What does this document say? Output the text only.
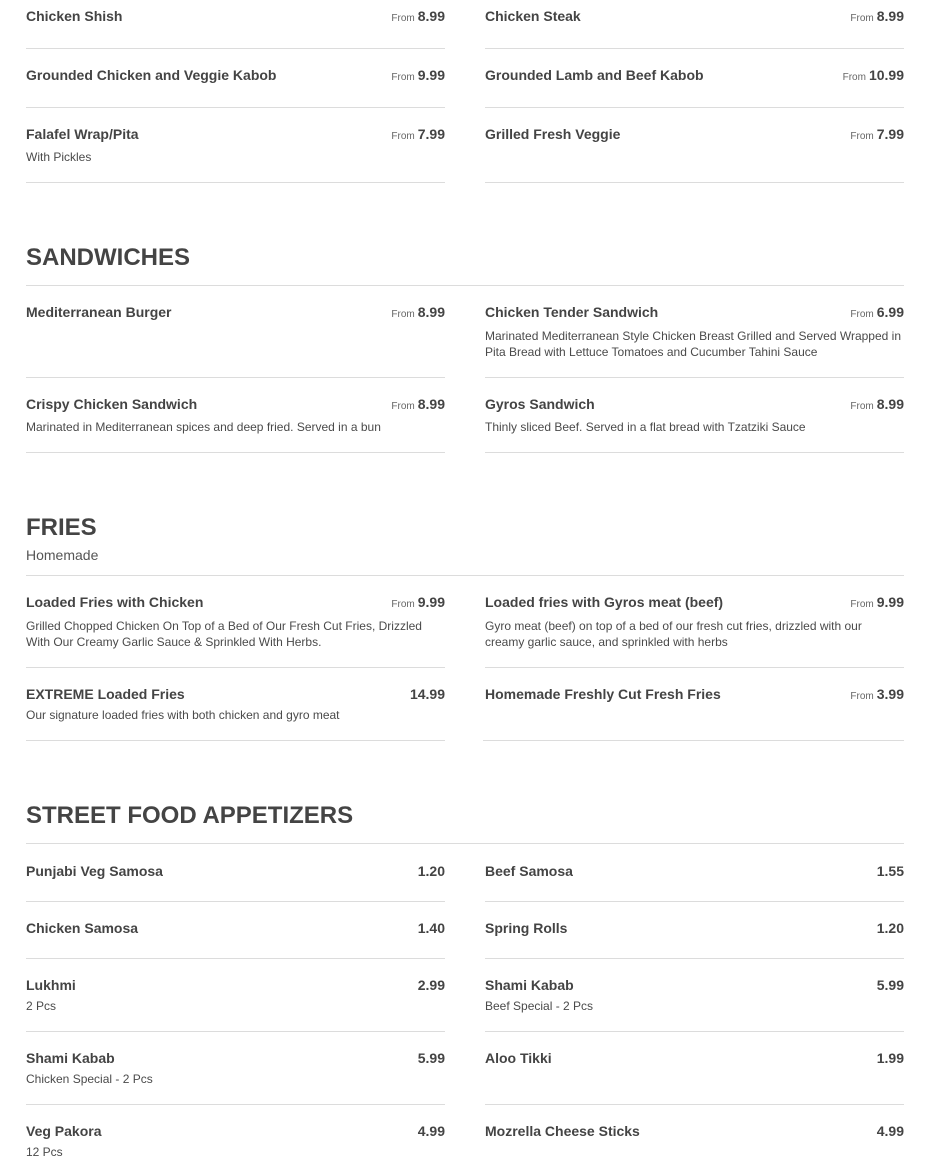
Chicken Shish	From 8.99	Chicken Steak	From 8.99
Grounded Chicken and Veggie Kabob	From 9.99	Grounded Lamb and Beef Kabob	From 10.99
Falafel Wrap/Pita	From 7.99
With Pickles
Grilled Fresh Veggie	From 7.99
SANDWICHES
Mediterranean Burger	From 8.99	Chicken Tender Sandwich	From 6.99
Marinated Mediterranean Style Chicken Breast Grilled and Served Wrapped in Pita Bread with Lettuce Tomatoes and Cucumber Tahini Sauce
Crispy Chicken Sandwich	From 8.99
Marinated in Mediterranean spices and deep fried. Served in a bun
Gyros Sandwich	From 8.99
Thinly sliced Beef. Served in a flat bread with Tzatziki Sauce
FRIES
Homemade
Loaded Fries with Chicken	From 9.99
Grilled Chopped Chicken On Top of a Bed of Our Fresh Cut Fries, Drizzled With Our Creamy Garlic Sauce & Sprinkled With Herbs.
Loaded fries with Gyros meat (beef)	From 9.99
Gyro meat (beef) on top of a bed of our fresh cut fries, drizzled with our creamy garlic sauce, and sprinkled with herbs
EXTREME Loaded Fries	14.99
Our signature loaded fries with both chicken and gyro meat
Homemade Freshly Cut Fresh Fries	From 3.99
STREET FOOD APPETIZERS
Punjabi Veg Samosa	1.20	Beef Samosa	1.55
Chicken Samosa	1.40	Spring Rolls	1.20
Lukhmi	2.99
2 Pcs
Shami Kabab	5.99
Beef Special - 2 Pcs
Shami Kabab	5.99
Chicken Special - 2 Pcs
Aloo Tikki	1.99
Veg Pakora	4.99
12 Pcs
Mozrella Cheese Sticks	4.99
